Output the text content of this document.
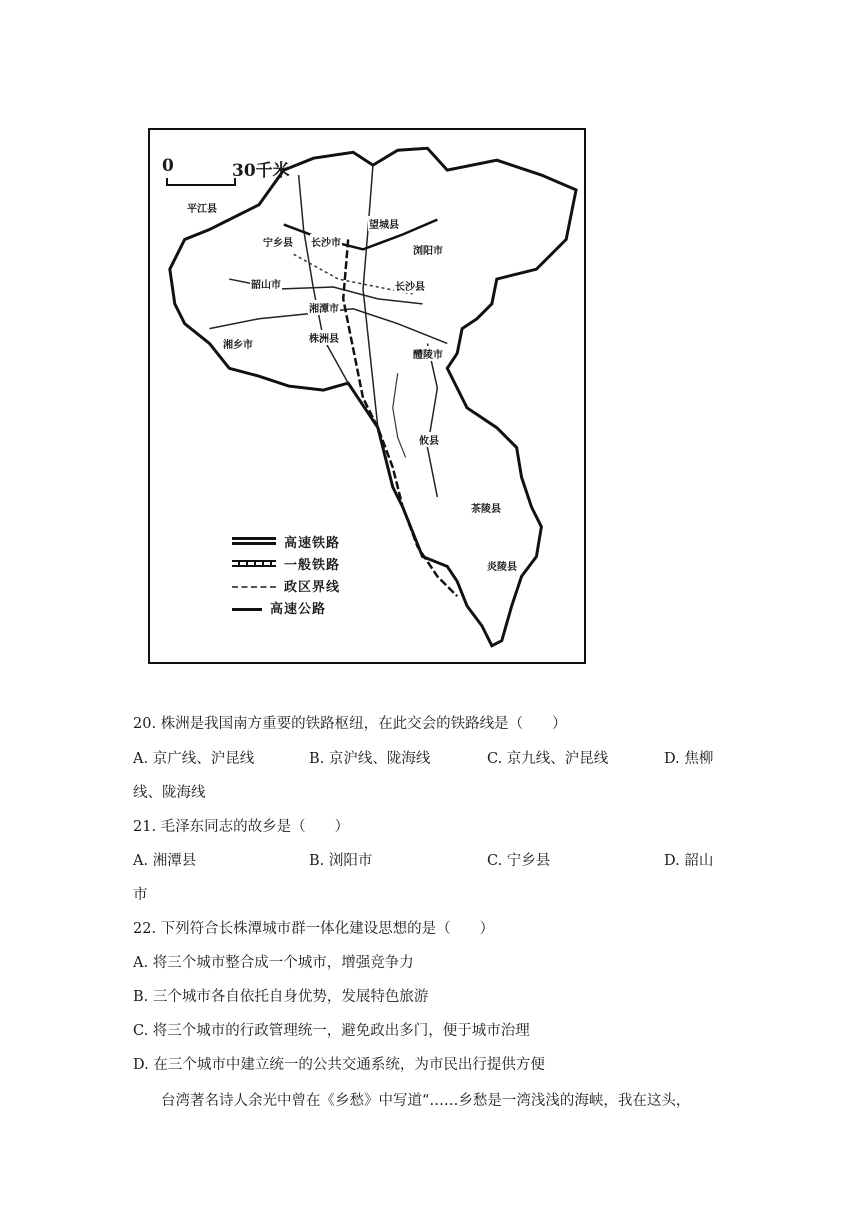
0	30千米
望城县
宁乡县 长沙市
浏阳市
韶山市	长沙县
湘潭市
湘乡市
株洲县
醴陵市
攸县
茶陵县
炎陵县
平江县
高速铁路
一般铁路
政区界线
高速公路
20. 株洲是我国南方重要的铁路枢纽，在此交会的铁路线是（　　）
A. 京广线、沪昆线	B. 京沪线、陇海线	C. 京九线、沪昆线	D. 焦柳
线、陇海线
21. 毛泽东同志的故乡是（　　）
A. 湘潭县	B. 浏阳市	C. 宁乡县	D. 韶山
市
22. 下列符合长株潭城市群一体化建设思想的是（　　）
A. 将三个城市整合成一个城市，增强竞争力
B. 三个城市各自依托自身优势，发展特色旅游
C. 将三个城市的行政管理统一，避免政出多门，便于城市治理
D. 在三个城市中建立统一的公共交通系统，为市民出行提供方便
台湾著名诗人余光中曾在《乡愁》中写道“……乡愁是一湾浅浅的海峡，我在这头，
